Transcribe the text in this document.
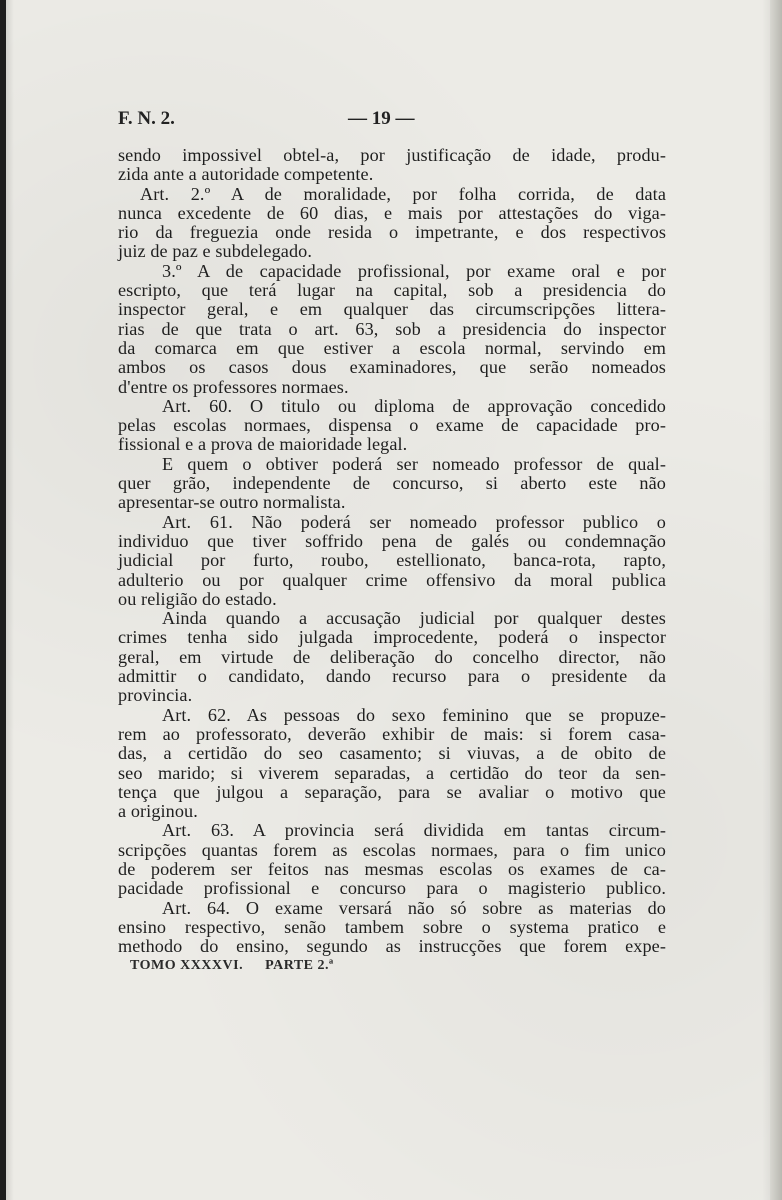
F. N. 2.	— 19 —
sendo impossivel obtel-a, por justificação de idade, produ-
zida ante a autoridade competente.
Art. 2.º A de moralidade, por folha corrida, de data
nunca excedente de 60 dias, e mais por attestações do viga-
rio da freguezia onde resida o impetrante, e dos respectivos
juiz de paz e subdelegado.
3.º A de capacidade profissional, por exame oral e por
escripto, que terá lugar na capital, sob a presidencia do
inspector geral, e em qualquer das circumscripções littera-
rias de que trata o art. 63, sob a presidencia do inspector
da comarca em que estiver a escola normal, servindo em
ambos os casos dous examinadores, que serão nomeados
d'entre os professores normaes.
Art. 60. O titulo ou diploma de approvação concedido
pelas escolas normaes, dispensa o exame de capacidade pro-
fissional e a prova de maioridade legal.
E quem o obtiver poderá ser nomeado professor de qual-
quer grão, independente de concurso, si aberto este não
apresentar-se outro normalista.
Art. 61. Não poderá ser nomeado professor publico o
individuo que tiver soffrido pena de galés ou condemnação
judicial por furto, roubo, estellionato, banca-rota, rapto,
adulterio ou por qualquer crime offensivo da moral publica
ou religião do estado.
Ainda quando a accusação judicial por qualquer destes
crimes tenha sido julgada improcedente, poderá o inspector
geral, em virtude de deliberação do concelho director, não
admittir o candidato, dando recurso para o presidente da
provincia.
Art. 62. As pessoas do sexo feminino que se propuze-
rem ao professorato, deverão exhibir de mais: si forem casa-
das, a certidão do seo casamento; si viuvas, a de obito de
seo marido; si viverem separadas, a certidão do teor da sen-
tença que julgou a separação, para se avaliar o motivo que
a originou.
Art. 63. A provincia será dividida em tantas circum-
scripções quantas forem as escolas normaes, para o fim unico
de poderem ser feitos nas mesmas escolas os exames de ca-
pacidade profissional e concurso para o magisterio publico.
Art. 64. O exame versará não só sobre as materias do
ensino respectivo, senão tambem sobre o systema pratico e
methodo do ensino, segundo as instrucções que forem expe-
TOMO XXXXVI. PARTE 2.ª
